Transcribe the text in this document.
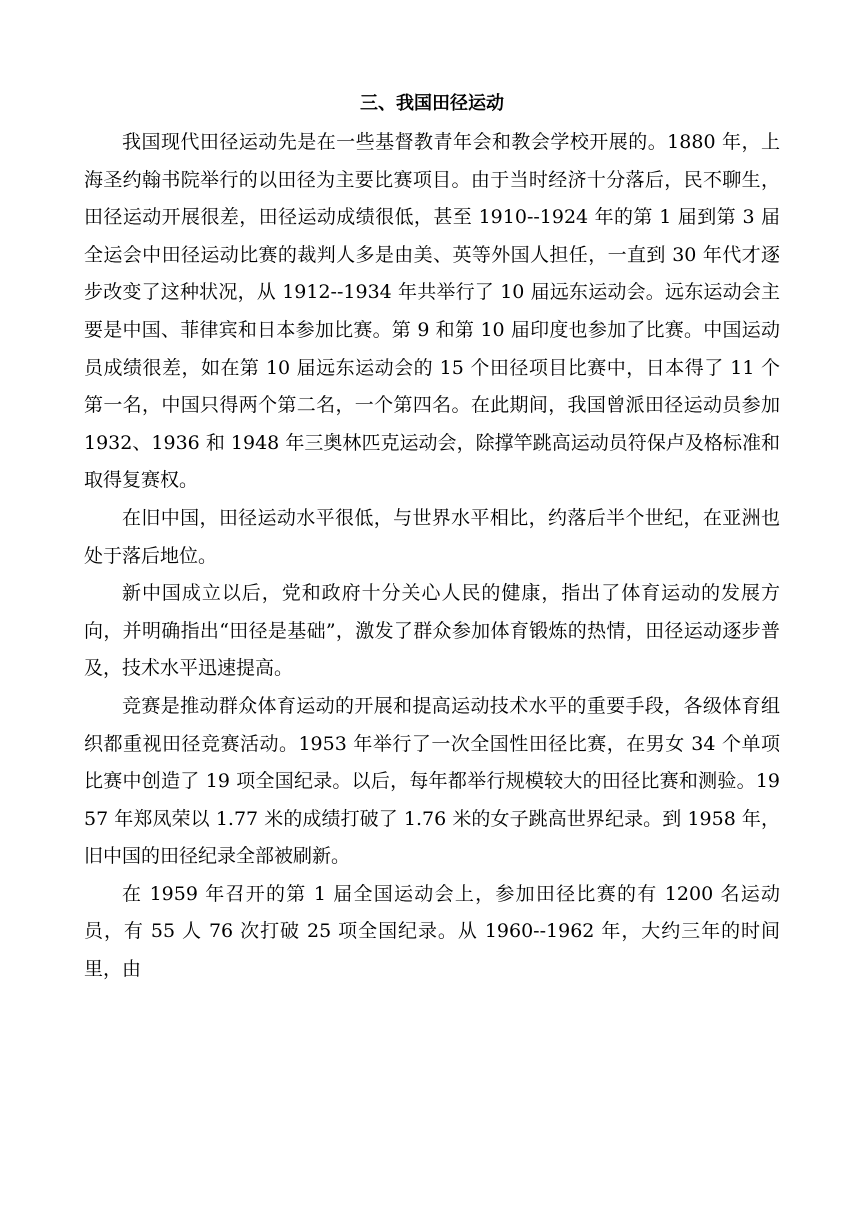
三、我国田径运动

我国现代田径运动先是在一些基督教青年会和教会学校开展的。1880 年，上海圣约翰书院举行的以田径为主要比赛项目。由于当时经济十分落后，民不聊生，田径运动开展很差，田径运动成绩很低，甚至 1910--1924 年的第 1 届到第 3 届全运会中田径运动比赛的裁判人多是由美、英等外国人担任，一直到 30 年代才逐步改变了这种状况，从 1912--1934 年共举行了 10 届远东运动会。远东运动会主要是中国、菲律宾和日本参加比赛。第 9 和第 10 届印度也参加了比赛。中国运动员成绩很差，如在第 10 届远东运动会的 15 个田径项目比赛中，日本得了 11 个第一名，中国只得两个第二名，一个第四名。在此期间，我国曾派田径运动员参加 1932、1936 和 1948 年三奥林匹克运动会，除撑竿跳高运动员符保卢及格标准和取得复赛权。

在旧中国，田径运动水平很低，与世界水平相比，约落后半个世纪，在亚洲也处于落后地位。

新中国成立以后，党和政府十分关心人民的健康，指出了体育运动的发展方向，并明确指出“田径是基础”，激发了群众参加体育锻炼的热情，田径运动逐步普及，技术水平迅速提高。

竞赛是推动群众体育运动的开展和提高运动技术水平的重要手段，各级体育组织都重视田径竞赛活动。1953 年举行了一次全国性田径比赛，在男女 34 个单项比赛中创造了 19 项全国纪录。以后，每年都举行规模较大的田径比赛和测验。1957 年郑凤荣以 1.77 米的成绩打破了 1.76 米的女子跳高世界纪录。到 1958 年，旧中国的田径纪录全部被刷新。

在 1959 年召开的第 1 届全国运动会上，参加田径比赛的有 1200 名运动员，有 55 人 76 次打破 25 项全国纪录。从 1960--1962 年，大约三年的时间里，由
